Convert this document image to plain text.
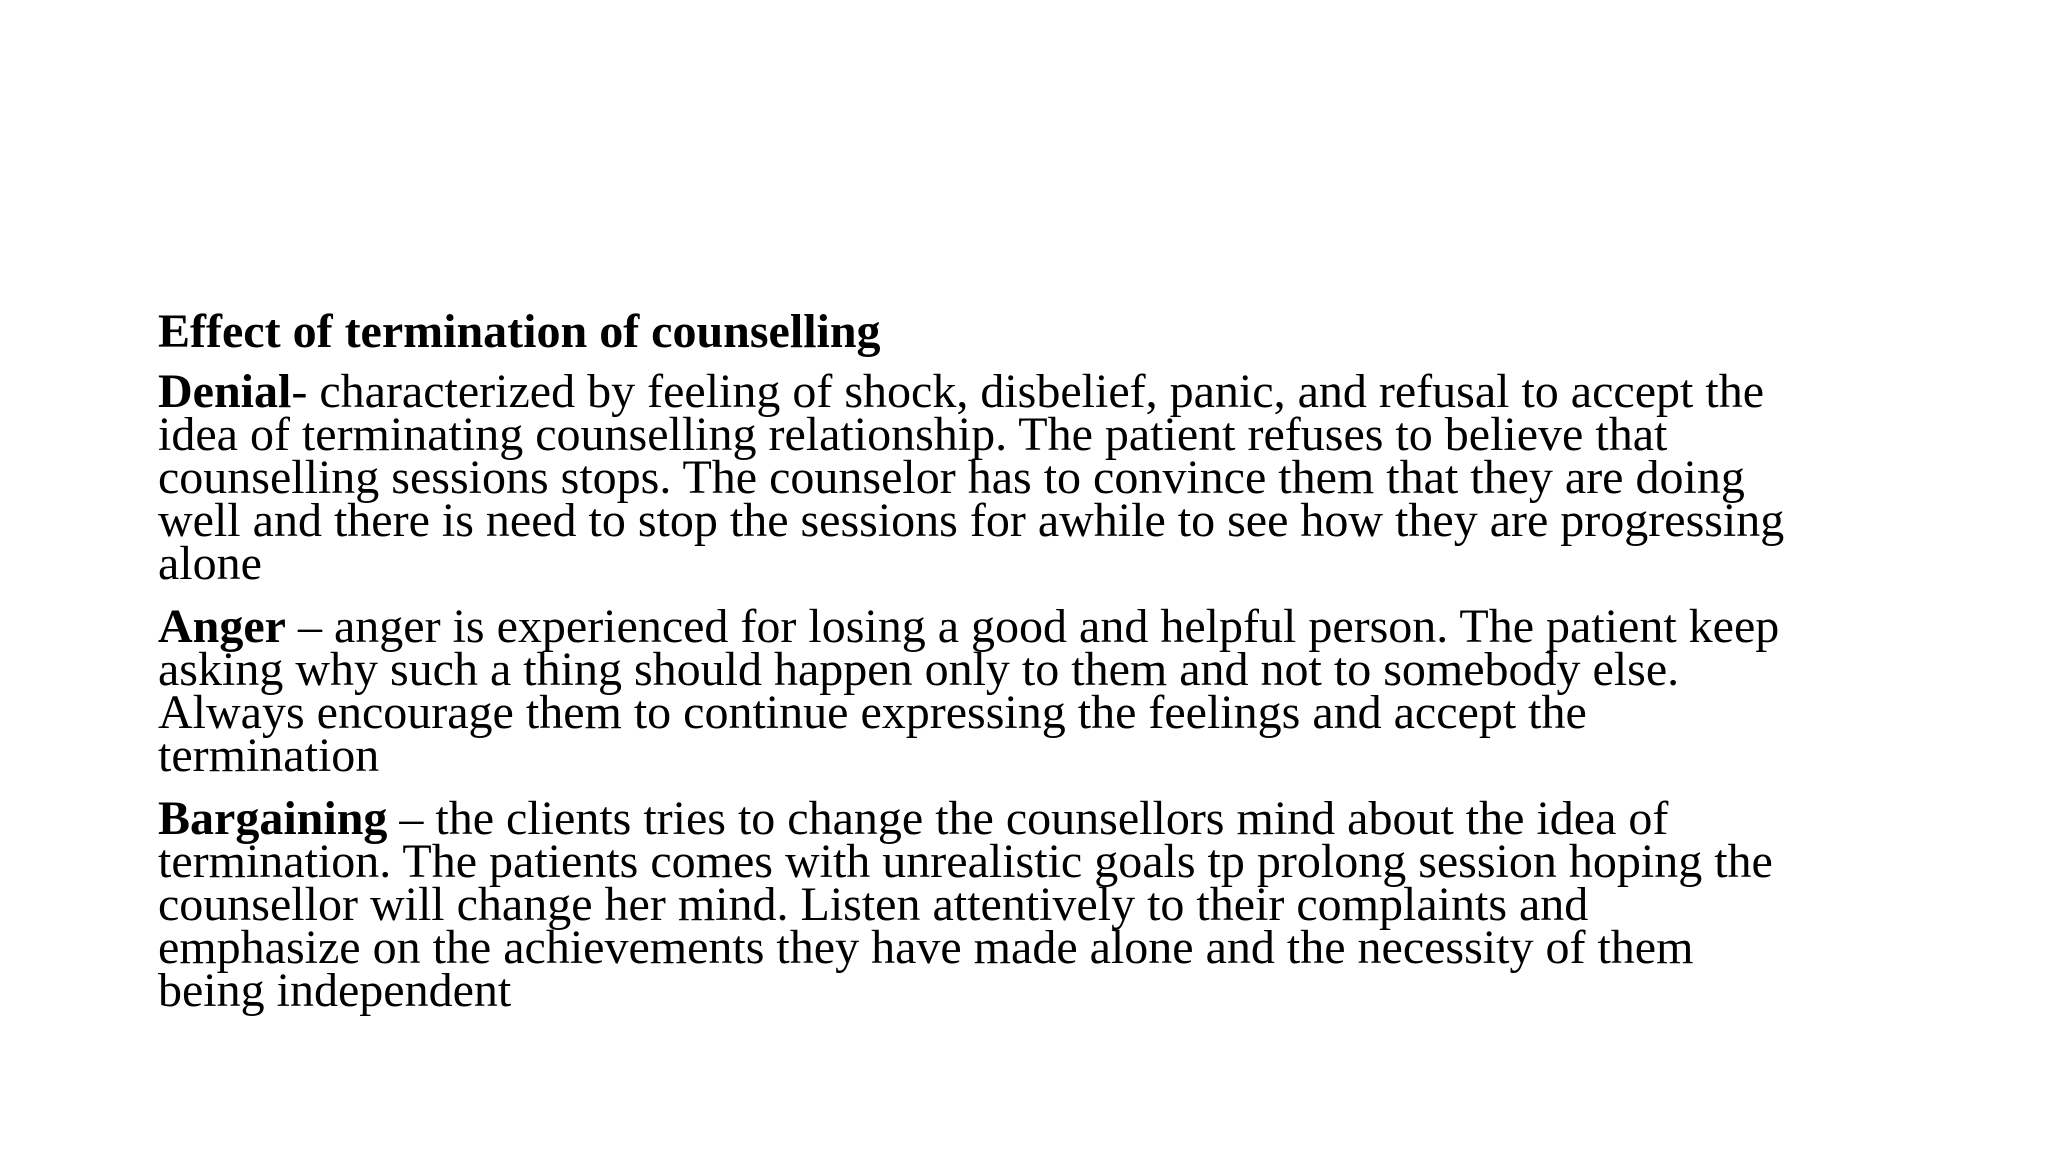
Effect of termination of counselling
Denial- characterized by feeling of shock, disbelief, panic, and refusal to accept the
idea of terminating counselling relationship. The patient refuses to believe that
counselling sessions stops. The counselor has to convince them that they are doing
well and there is need to stop the sessions for awhile to see how they are progressing
alone
Anger – anger is experienced for losing a good and helpful person. The patient keep
asking why such a thing should happen only to them and not to somebody else.
Always encourage them to continue expressing the feelings and accept the
termination
Bargaining – the clients tries to change the counsellors mind about the idea of
termination. The patients comes with unrealistic goals tp prolong session hoping the
counsellor will change her mind. Listen attentively to their complaints and
emphasize on the achievements they have made alone and the necessity of them
being independent
